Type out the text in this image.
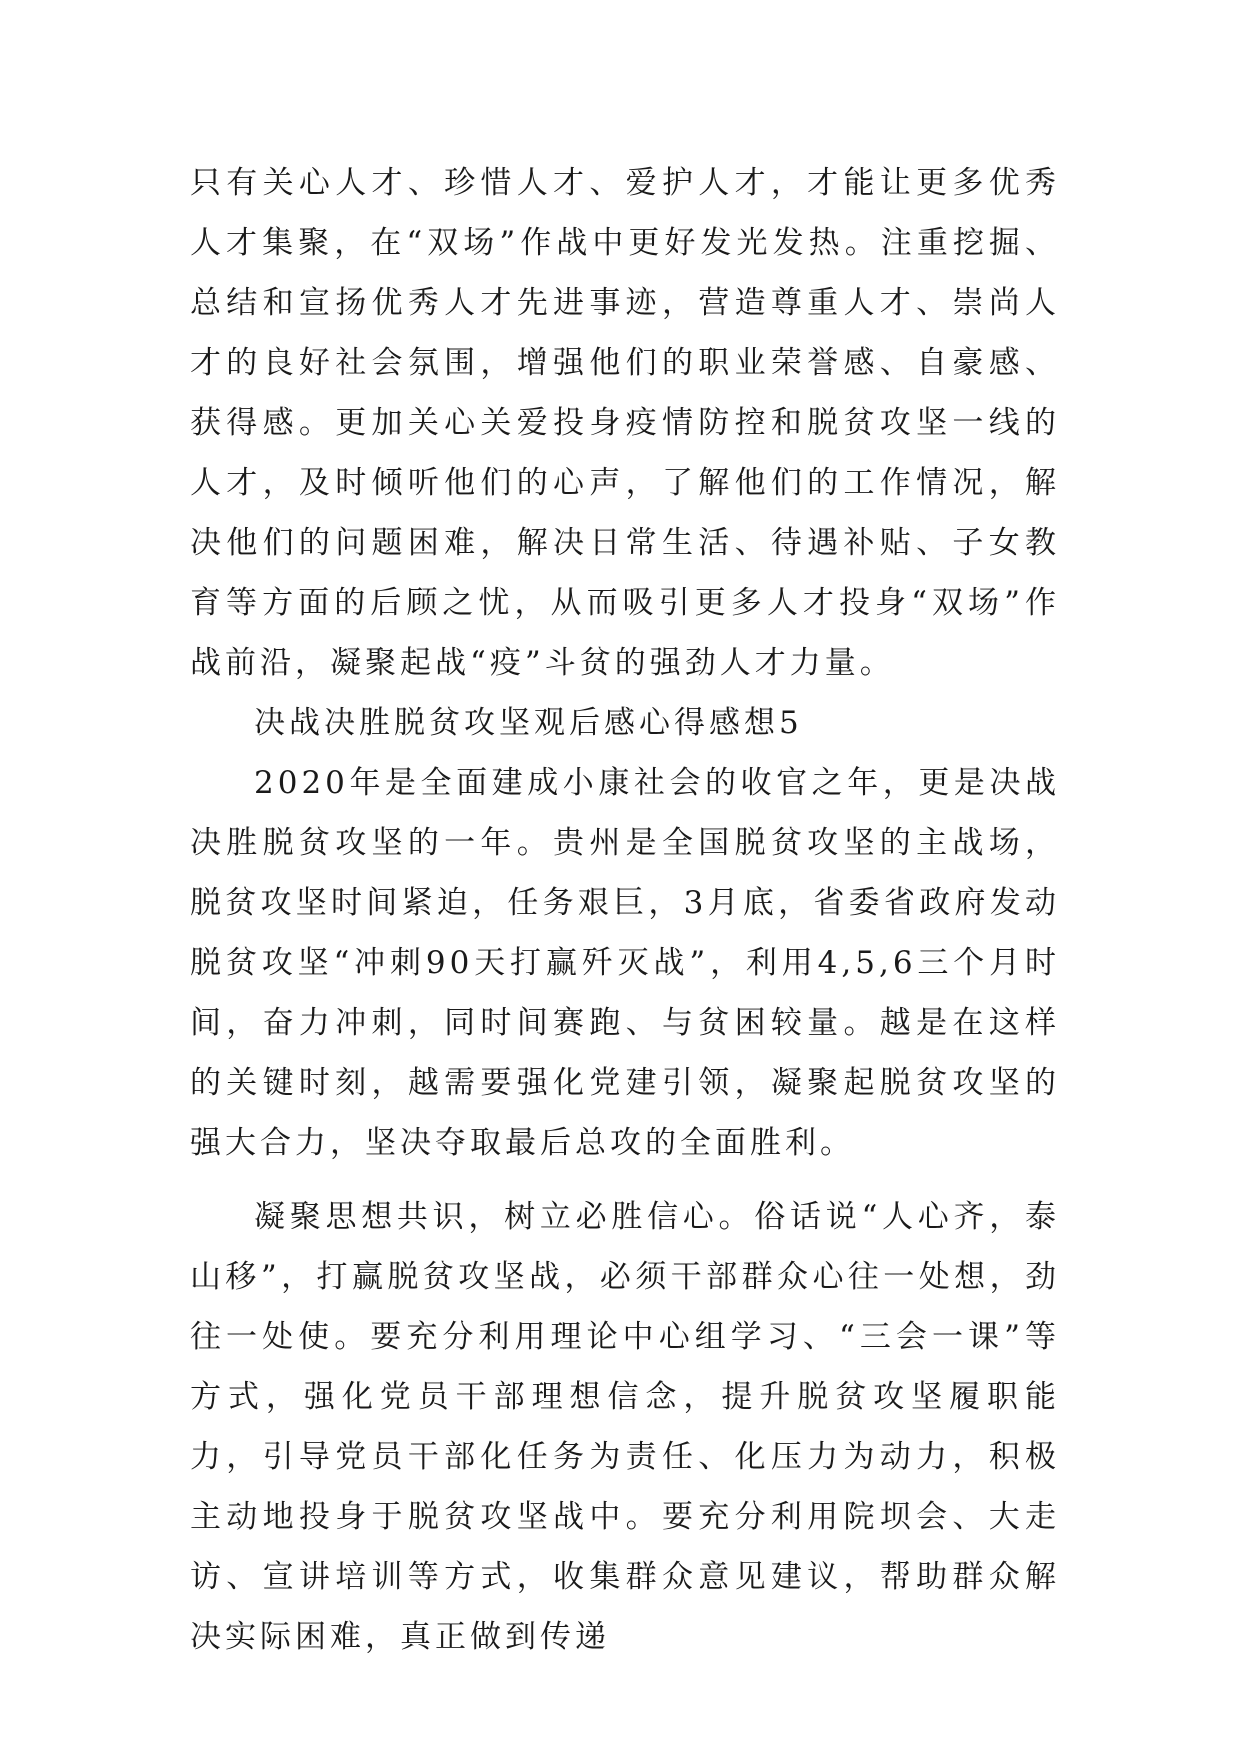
只有关心人才、珍惜人才、爱护人才，才能让更多优秀人才集聚，在“双场”作战中更好发光发热。注重挖掘、总结和宣扬优秀人才先进事迹，营造尊重人才、崇尚人才的良好社会氛围，增强他们的职业荣誉感、自豪感、获得感。更加关心关爱投身疫情防控和脱贫攻坚一线的人才，及时倾听他们的心声，了解他们的工作情况，解决他们的问题困难，解决日常生活、待遇补贴、子女教育等方面的后顾之忧，从而吸引更多人才投身“双场”作战前沿，凝聚起战“疫”斗贫的强劲人才力量。

决战决胜脱贫攻坚观后感心得感想5

2020年是全面建成小康社会的收官之年，更是决战决胜脱贫攻坚的一年。贵州是全国脱贫攻坚的主战场，脱贫攻坚时间紧迫，任务艰巨，3月底，省委省政府发动脱贫攻坚“冲刺90天打赢歼灭战”，利用4,5,6三个月时间，奋力冲刺，同时间赛跑、与贫困较量。越是在这样的关键时刻，越需要强化党建引领，凝聚起脱贫攻坚的强大合力，坚决夺取最后总攻的全面胜利。

凝聚思想共识，树立必胜信心。俗话说“人心齐，泰山移”，打赢脱贫攻坚战，必须干部群众心往一处想，劲往一处使。要充分利用理论中心组学习、“三会一课”等方式，强化党员干部理想信念，提升脱贫攻坚履职能力，引导党员干部化任务为责任、化压力为动力，积极主动地投身于脱贫攻坚战中。要充分利用院坝会、大走访、宣讲培训等方式，收集群众意见建议，帮助群众解决实际困难，真正做到传递
